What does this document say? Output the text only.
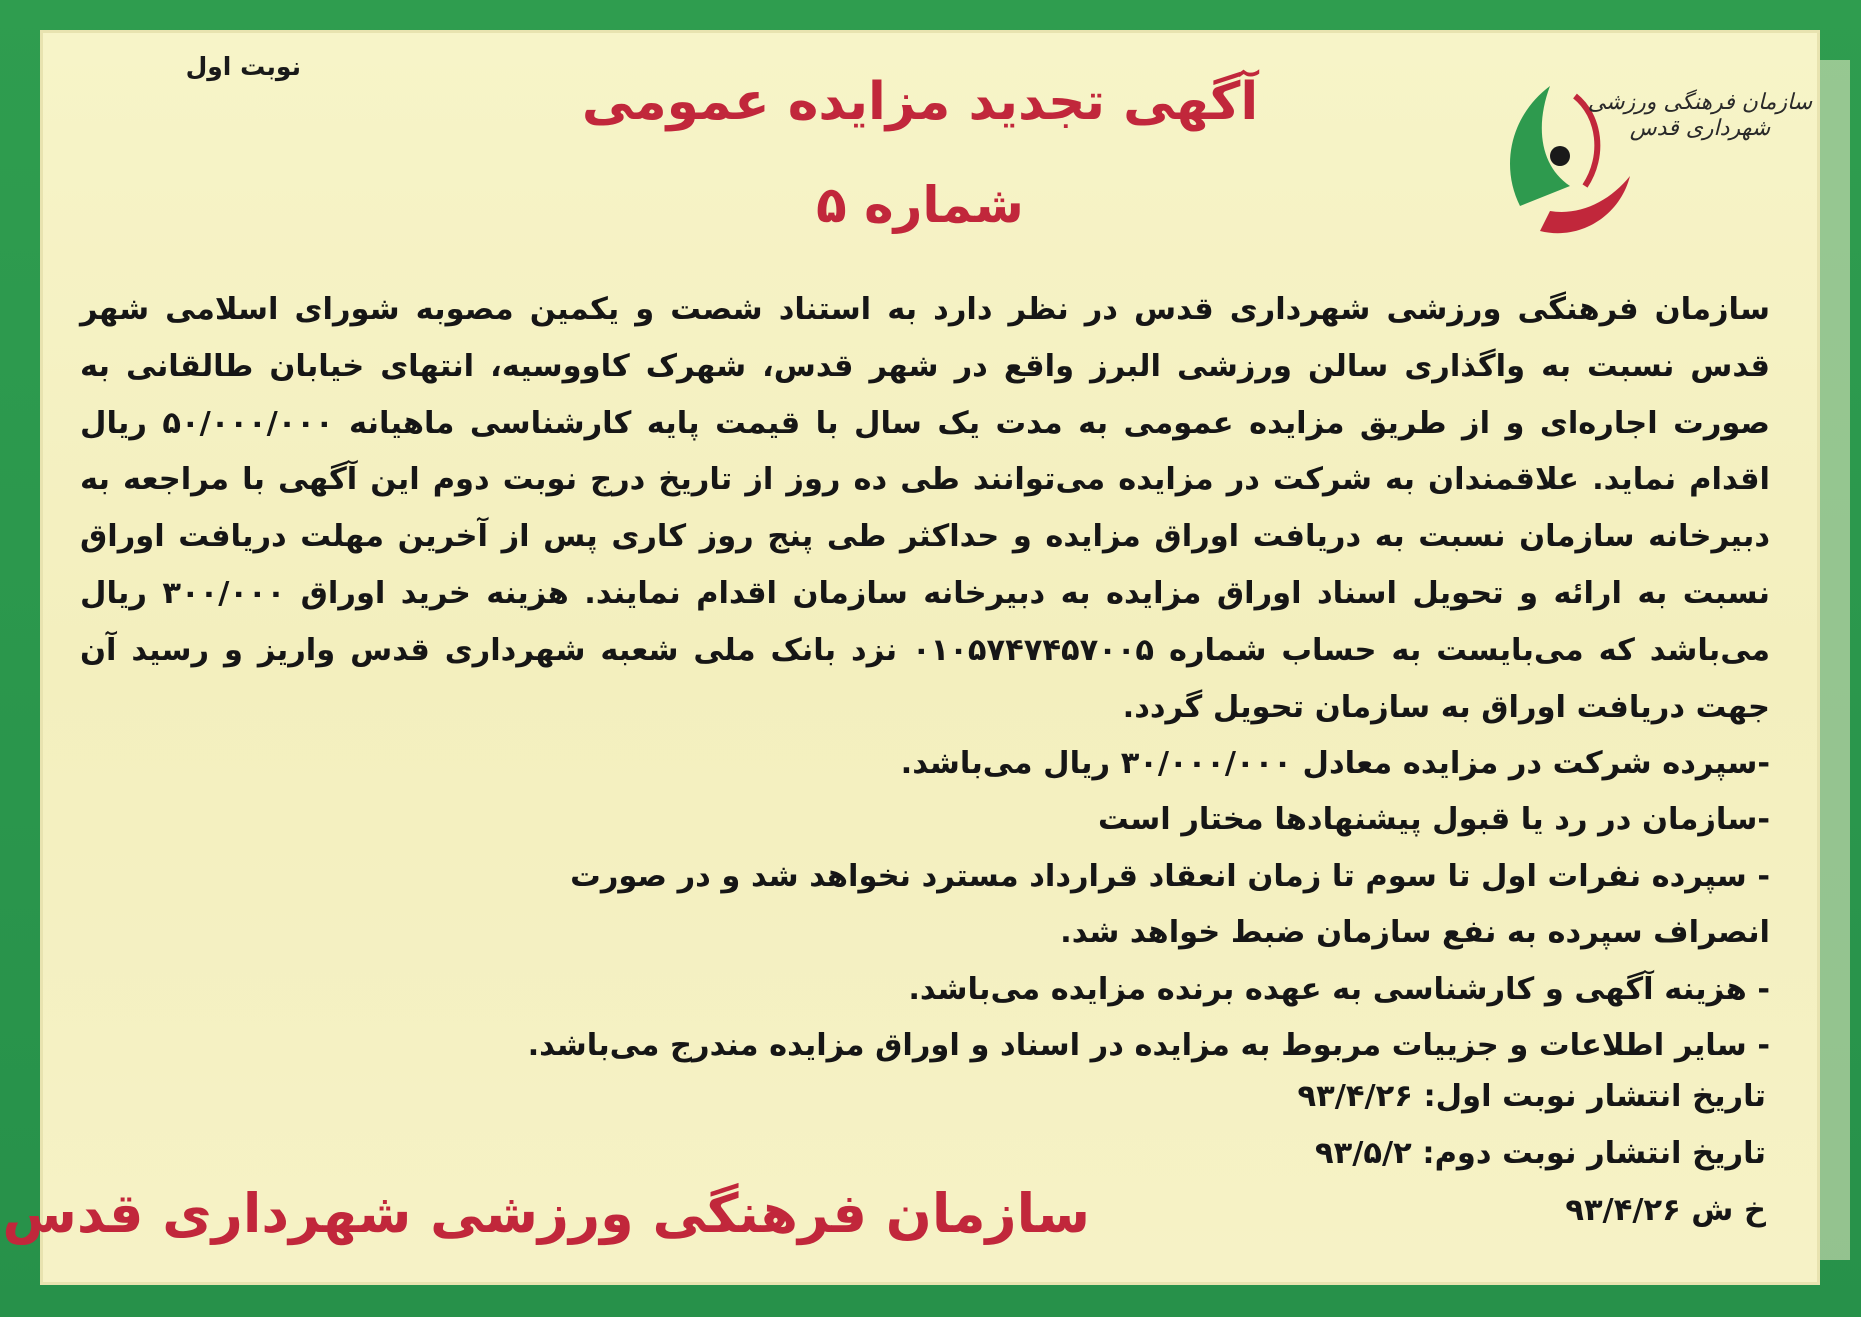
نوبت اول
آگهی تجدید مزایده عمومی
شماره ۵
سازمان فرهنگی ورزشی شهرداری قدس

سازمان فرهنگی ورزشی شهرداری قدس در نظر دارد به استناد شصت و یکمین مصوبه شورای اسلامی شهر قدس نسبت به واگذاری سالن ورزشی البرز واقع در شهر قدس، شهرک کاووسیه، انتهای خیابان طالقانی به صورت اجاره‌ای و از طریق مزایده عمومی به مدت یک سال با قیمت پایه کارشناسی ماهیانه ۵۰/۰۰۰/۰۰۰ ریال اقدام نماید. علاقمندان به شرکت در مزایده می‌توانند طی ده روز از تاریخ درج نوبت دوم این آگهی با مراجعه به دبیرخانه سازمان نسبت به دریافت اوراق مزایده و حداکثر طی پنج روز کاری پس از آخرین مهلت دریافت اوراق نسبت به ارائه و تحویل اسناد اوراق مزایده به دبیرخانه سازمان اقدام نمایند. هزینه خرید اوراق ۳۰۰/۰۰۰ ریال می‌باشد که می‌بایست به حساب شماره ۰۱۰۵۷۴۷۴۵۷۰۰۵ نزد بانک ملی شعبه شهرداری قدس واریز و رسید آن جهت دریافت اوراق به سازمان تحویل گردد.

-سپرده شرکت در مزایده معادل ۳۰/۰۰۰/۰۰۰ ریال می‌باشد.
-سازمان در رد یا قبول پیشنهادها مختار است
- سپرده نفرات اول تا سوم تا زمان انعقاد قرارداد مسترد نخواهد شد و در صورت انصراف سپرده به نفع سازمان ضبط خواهد شد.
- هزینه آگهی و کارشناسی به عهده برنده مزایده می‌باشد.
- سایر اطلاعات و جزییات مربوط به مزایده در اسناد و اوراق مزایده مندرج می‌باشد.
تاریخ انتشار نوبت اول: ۹۳/۴/۲۶
تاریخ انتشار نوبت دوم: ۹۳/۵/۲
خ ش ۹۳/۴/۲۶
سازمان فرهنگی ورزشی شهرداری قدس
